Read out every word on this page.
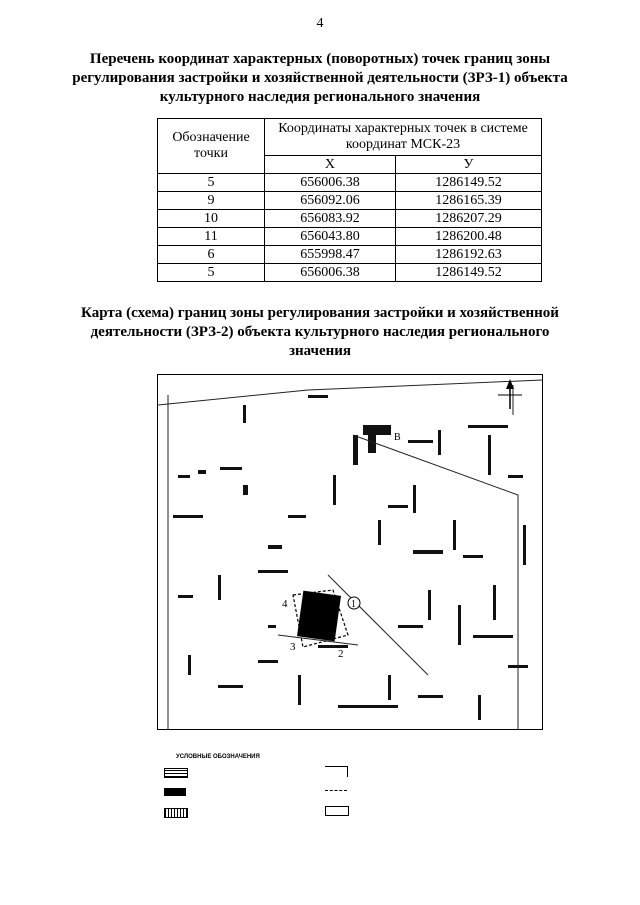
4
Перечень координат характерных (поворотных) точек границ зоны регулирования застройки и хозяйственной деятельности (ЗРЗ-1) объекта культурного наследия регионального значения
Обозначение точки	Координаты характерных точек в системе координат МСК-23	
	X	У
5	656006.38	1286149.52
9	656092.06	1286165.39
10	656083.92	1286207.29
11	656043.80	1286200.48
6	655998.47	1286192.63
5	656006.38	1286149.52
Карта (схема) границ зоны регулирования застройки и хозяйственной деятельности (ЗРЗ-2) объекта культурного наследия регионального значения
4	1
3
2
B
УСЛОВНЫЕ ОБОЗНАЧЕНИЯ
